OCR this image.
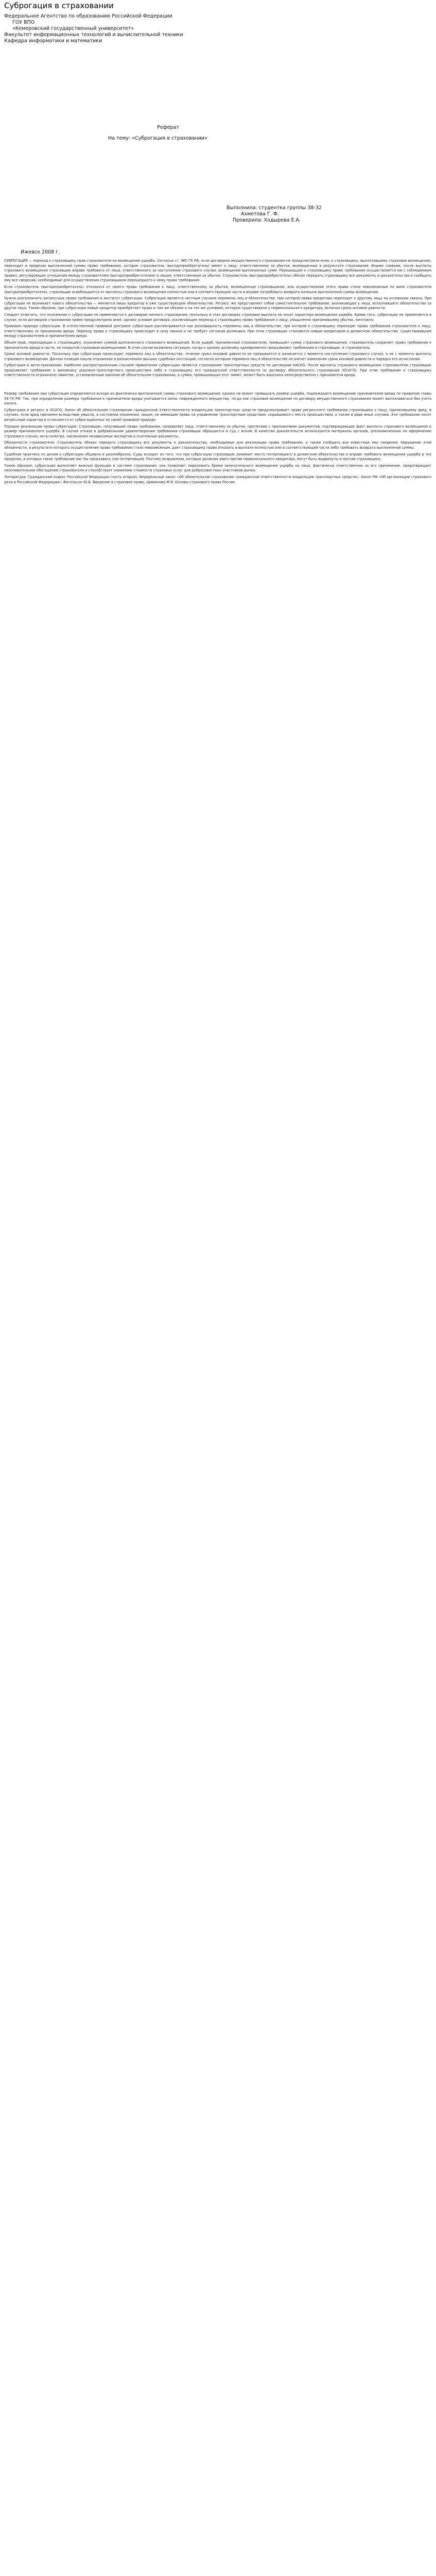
Суброгация в страховании
Федеральное Агентство по образованию Российской Федерации
ГОУ ВПО
«Кемеровский государственный университет»
Факультет информационных технологий и вычислительной техники
Кафедра информатики и математики
Реферат
На тему: «Суброгация в страховании»
Выполнила: студентка группы 38-32
Ахметова Г. Ф.
Проверила: Ходырева Е.А.
Ижевск 2008 г.

СУБРОГАЦИЯ — переход к страховщику прав страхователя на возмещение ущерба. Согласно ст. 965 ГК РФ, если договором имущественного страхования не предусмотрено иное, к страховщику, выплатившему страховое возмещение, переходит в пределах выплаченной суммы право требования, которое страхователь (выгодоприобретатель) имеет к лицу, ответственному за убытки, возмещенные в результате страхования. Иными словами, после выплаты страхового возмещения страховщик вправе требовать от лица, ответственного за наступление страхового случая, возмещения выплаченных сумм. Перешедшее к страховщику право требования осуществляется им с соблюдением правил, регулирующих отношения между страхователем (выгодоприобретателем) и лицом, ответственным за убытки. Страхователь (выгодоприобретатель) обязан передать страховщику все документы и доказательства и сообщить ему все сведения, необходимые для осуществления страховщиком перешедшего к нему права требования.

Если страхователь (выгодоприобретатель) отказался от своего права требования к лицу, ответственному за убытки, возмещенные страховщиком, или осуществление этого права стало невозможным по вине страхователя (выгодоприобретателя), страховщик освобождается от выплаты страхового возмещения полностью или в соответствующей части и вправе потребовать возврата излишне выплаченной суммы возмещения.

Нужно разграничить регрессные права требования и институт суброгации. Суброгация является частным случаем перемены лиц в обязательстве, при которой права кредитора переходят к другому лицу на основании закона. При суброгации не возникает нового обязательства — меняется лишь кредитор в уже существующем обязательстве. Регресс же представляет собой самостоятельное требование, возникающее у лица, исполнившего обязательство за другое лицо. Таким образом, при суброгации новый кредитор приобретает права в том же объеме и на тех же условиях, которые существовали у первоначального кредитора, включая сроки исковой давности.

Следует отметить, что положения о суброгации не применяются к договорам личного страхования, поскольку в этих договорах страховая выплата не носит характера возмещения ущерба. Кроме того, суброгация не применяется в случае, если договором страхования прямо предусмотрено иное, однако условие договора, исключающее переход к страховщику права требования к лицу, умышленно причинившему убытки, ничтожно.

Правовая природа суброгации. В отечественной правовой доктрине суброгация рассматривается как разновидность перемены лиц в обязательстве, при которой к страховщику переходят права требования страхователя к лицу, ответственному за причинение вреда. Переход права к страховщику происходит в силу закона и не требует согласия должника. При этом страховщик становится новым кредитором в деликтном обязательстве, существовавшем между страхователем и причинителем вреда.

Объем прав, переходящих к страховщику, ограничен суммой выплаченного страхового возмещения. Если ущерб, причиненный страхователю, превышает сумму страхового возмещения, страхователь сохраняет право требования к причинителю вреда в части, не покрытой страховым возмещением. В этом случае возможна ситуация, когда к одному должнику одновременно предъявляют требования и страховщик, и страхователь.

Сроки исковой давности. Поскольку при суброгации происходит перемена лиц в обязательстве, течение срока исковой давности не прерывается и начинается с момента наступления страхового случая, а не с момента выплаты страхового возмещения. Данная позиция нашла отражение в разъяснениях высших судебных инстанций, согласно которым перемена лиц в обязательстве не влечет изменения срока исковой давности и порядка его исчисления.

Суброгация в автостраховании. Наиболее распространенным случаем применения суброгации является страхование транспортных средств по договорам КАСКО. После выплаты страхового возмещения страхователю страховщик предъявляет требование к виновнику дорожно-транспортного происшествия либо к страховщику его гражданской ответственности по договору обязательного страхования (ОСАГО). При этом требование к страховщику ответственности ограничено лимитом, установленным законом об обязательном страховании, а сумма, превышающая этот лимит, может быть взыскана непосредственно с причинителя вреда.

Размер требования при суброгации определяется исходя из фактически выплаченной суммы страхового возмещения, однако не может превышать размер ущерба, подлежащего возмещению причинителем вреда по правилам главы 59 ГК РФ. Так, при определении размера требования к причинителю вреда учитывается износ поврежденного имущества, тогда как страховое возмещение по договору имущественного страхования может выплачиваться без учета износа.

Суброгация и регресс в ОСАГО. Закон об обязательном страховании гражданской ответственности владельцев транспортных средств предусматривает право регрессного требования страховщика к лицу, причинившему вред, в случаях, если вред причинен вследствие умысла, в состоянии опьянения, лицом, не имеющим права на управление транспортным средством, скрывшимся с места происшествия, а также в ряде иных случаев. Эти требования носят регрессный характер и отличаются от суброгационных по своей правовой природе.

Порядок реализации права суброгации. Страховщик, получивший право требования, направляет лицу, ответственному за убытки, претензию с приложением документов, подтверждающих факт выплаты страхового возмещения и размер причиненного ущерба. В случае отказа в добровольном удовлетворении требования страховщик обращается в суд с иском. В качестве доказательств используются материалы органов, уполномоченных на оформление страхового случая, акты осмотра, заключения независимых экспертов и платежные документы.

Обязанности страхователя. Страхователь обязан передать страховщику все документы и доказательства, необходимые для реализации права требования, а также сообщить все известные ему сведения. Нарушение этой обязанности, в результате которого осуществление права требования стало невозможным, дает страховщику право отказать в выплате полностью или в соответствующей части либо требовать возврата выплаченной суммы.

Судебная практика по делам о суброгации обширна и разнообразна. Суды исходят из того, что при суброгации страховщик занимает место потерпевшего в деликтном обязательстве и вправе требовать возмещения ущерба в тех пределах, в которых такое требование мог бы предъявить сам потерпевший. Поэтому возражения, которые должник имел против первоначального кредитора, могут быть выдвинуты и против страховщика.

Таким образом, суброгация выполняет важную функцию в системе страхования: она позволяет переложить бремя окончательного возмещения ущерба на лицо, фактически ответственное за его причинение, предотвращает неосновательное обогащение страхователя и способствует снижению стоимости страховых услуг для добросовестных участников рынка.

Литература: Гражданский кодекс Российской Федерации (часть вторая); Федеральный закон «Об обязательном страховании гражданской ответственности владельцев транспортных средств»; Закон РФ «Об организации страхового дела в Российской Федерации»; Фогельсон Ю.Б. Введение в страховое право; Шиминова М.Я. Основы страхового права России.
